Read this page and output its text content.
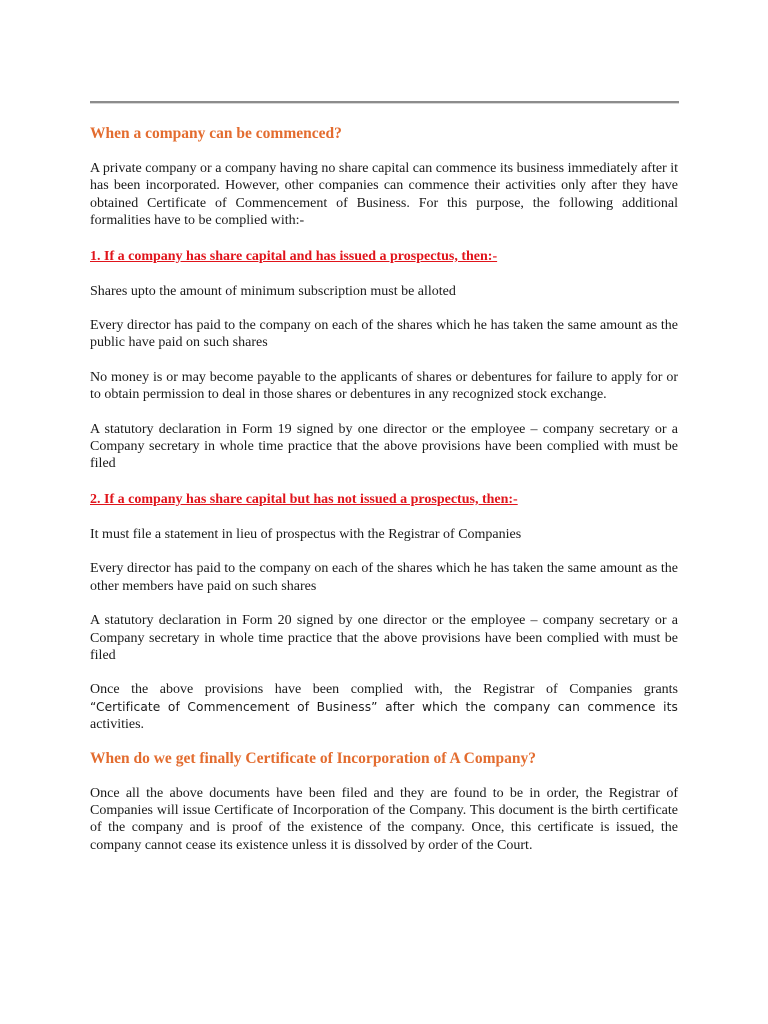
When a company can be commenced?

A private company or a company having no share capital can commence its business immediately after it has been incorporated. However, other companies can commence their activities only after they have obtained Certificate of Commencement of Business. For this purpose, the following additional formalities have to be complied with:-

1. If a company has share capital and has issued a prospectus, then:-

Shares upto the amount of minimum subscription must be alloted

Every director has paid to the company on each of the shares which he has taken the same amount as the public have paid on such shares

No money is or may become payable to the applicants of shares or debentures for failure to apply for or to obtain permission to deal in those shares or debentures in any recognized stock exchange.

A statutory declaration in Form 19 signed by one director or the employee – company secretary or a Company secretary in whole time practice that the above provisions have been complied with must be filed

2. If a company has share capital but has not issued a prospectus, then:-

It must file a statement in lieu of prospectus with the Registrar of Companies

Every director has paid to the company on each of the shares which he has taken the same amount as the other members have paid on such shares

A statutory declaration in Form 20 signed by one director or the employee – company secretary or a Company secretary in whole time practice that the above provisions have been complied with must be filed

Once the above provisions have been complied with, the Registrar of Companies grants
“Certificate of Commencement of Business” after which the company can commence its
activities.
When do we get finally Certificate of Incorporation of A Company?

Once all the above documents have been filed and they are found to be in order, the Registrar of Companies will issue Certificate of Incorporation of the Company. This document is the birth certificate of the company and is proof of the existence of the company. Once, this certificate is issued, the company cannot cease its existence unless it is dissolved by order of the Court.
